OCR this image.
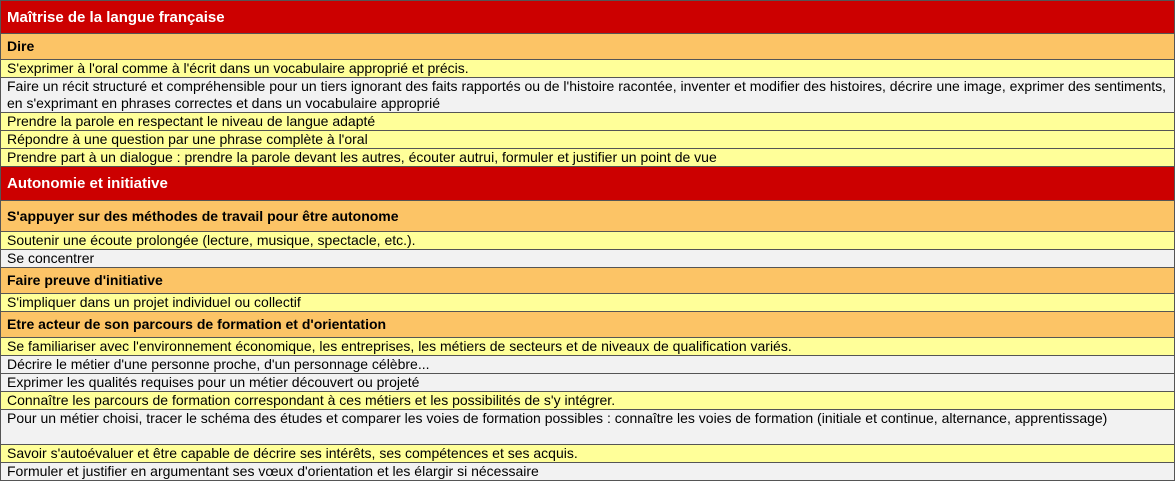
Maîtrise de la langue française
Dire
S'exprimer à l'oral comme à l'écrit dans un vocabulaire approprié et précis.
Faire un récit structuré et compréhensible pour un tiers ignorant des faits rapportés ou de l'histoire racontée, inventer et modifier des histoires, décrire une image, exprimer des sentiments, en s'exprimant en phrases correctes et dans un vocabulaire approprié
Prendre la parole en respectant le niveau de langue adapté
Répondre à une question par une phrase complète à l'oral
Prendre part à un dialogue : prendre la parole devant les autres, écouter autrui, formuler et justifier un point de vue
Autonomie et initiative
S'appuyer sur des méthodes de travail pour être autonome
Soutenir une écoute prolongée (lecture, musique, spectacle, etc.).
Se concentrer
Faire preuve d'initiative
S'impliquer dans un projet individuel ou collectif
Etre acteur de son parcours de formation et d'orientation
Se familiariser avec l'environnement économique, les entreprises, les métiers de secteurs et de niveaux de qualification variés.
Décrire le métier d'une personne proche, d'un personnage célèbre...
Exprimer les qualités requises pour un métier découvert ou projeté
Connaître les parcours de formation correspondant à ces métiers et les possibilités de s'y intégrer.
Pour un métier choisi, tracer le schéma des études et comparer les voies de formation possibles : connaître les voies de formation (initiale et continue, alternance, apprentissage)
Savoir s'autoévaluer et être capable de décrire ses intérêts, ses compétences et ses acquis.
Formuler et justifier en argumentant ses vœux d'orientation et les élargir si nécessaire
